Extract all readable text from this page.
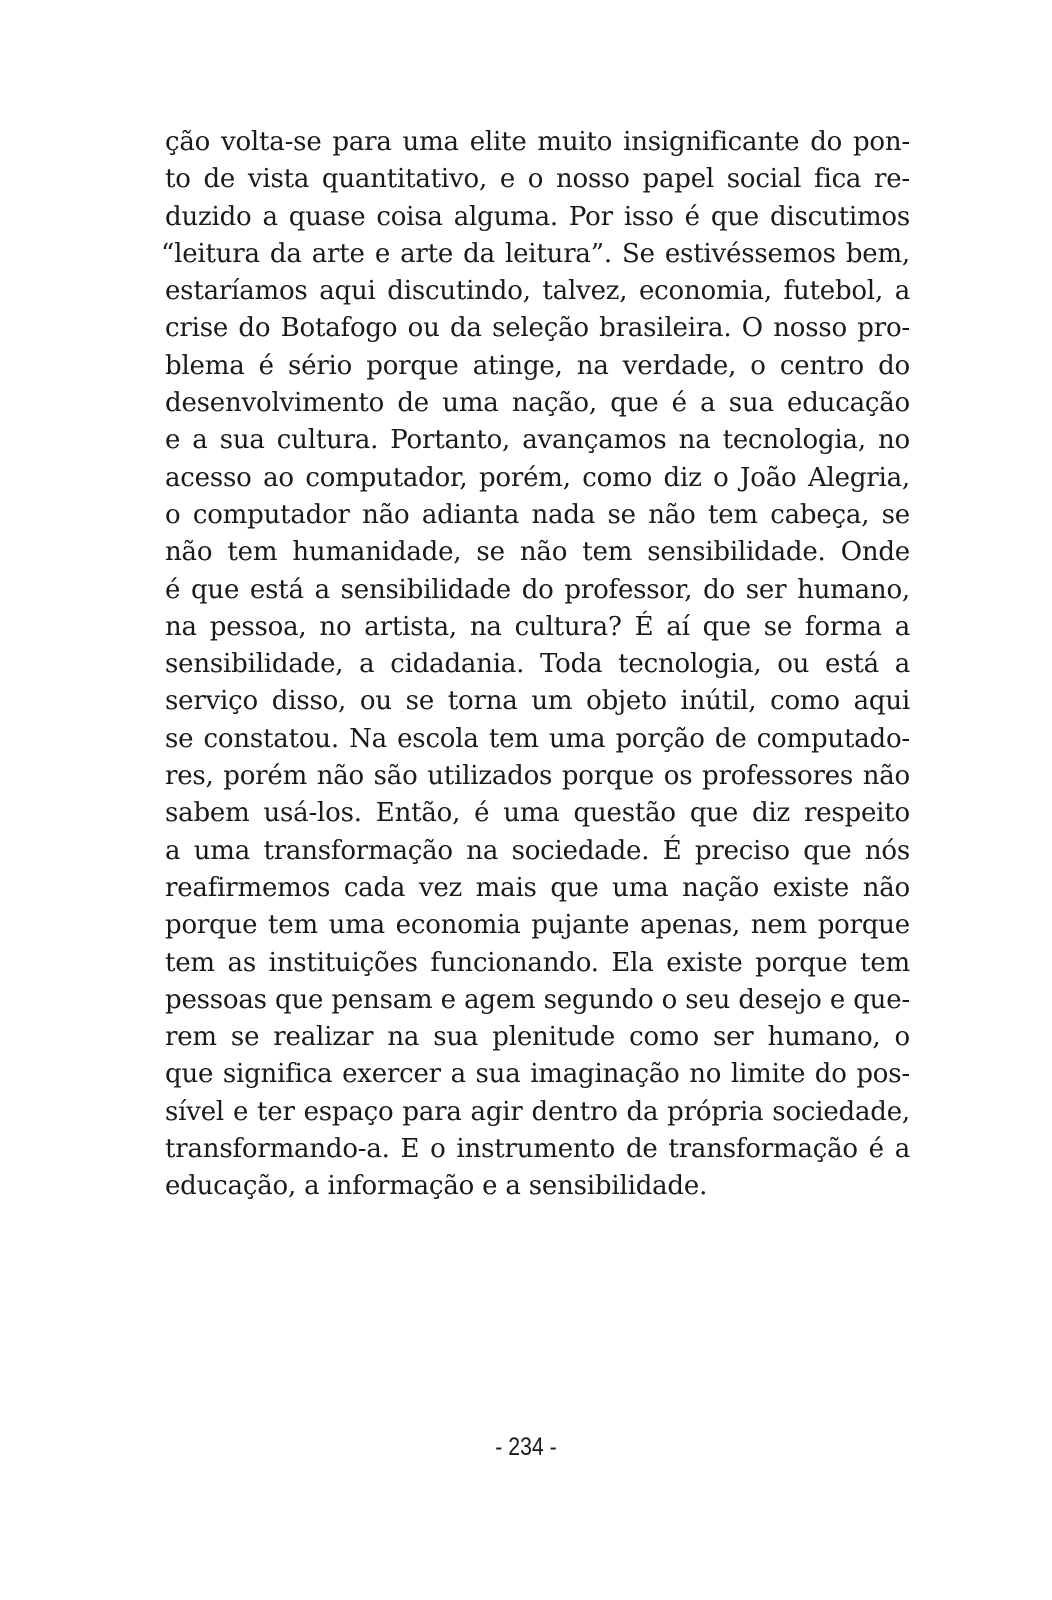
ção volta-se para uma elite muito insignificante do pon-
to de vista quantitativo, e o nosso papel social fica re-
duzido a quase coisa alguma. Por isso é que discutimos
“leitura da arte e arte da leitura”. Se estivéssemos bem,
estaríamos aqui discutindo, talvez, economia, futebol, a
crise do Botafogo ou da seleção brasileira. O nosso pro-
blema é sério porque atinge, na verdade, o centro do
desenvolvimento de uma nação, que é a sua educação
e a sua cultura. Portanto, avançamos na tecnologia, no
acesso ao computador, porém, como diz o João Alegria,
o computador não adianta nada se não tem cabeça, se
não tem humanidade, se não tem sensibilidade. Onde
é que está a sensibilidade do professor, do ser humano,
na pessoa, no artista, na cultura? É aí que se forma a
sensibilidade, a cidadania. Toda tecnologia, ou está a
serviço disso, ou se torna um objeto inútil, como aqui
se constatou. Na escola tem uma porção de computado-
res, porém não são utilizados porque os professores não
sabem usá-los. Então, é uma questão que diz respeito
a uma transformação na sociedade. É preciso que nós
reafirmemos cada vez mais que uma nação existe não
porque tem uma economia pujante apenas, nem porque
tem as instituições funcionando. Ela existe porque tem
pessoas que pensam e agem segundo o seu desejo e que-
rem se realizar na sua plenitude como ser humano, o
que significa exercer a sua imaginação no limite do pos-
sível e ter espaço para agir dentro da própria sociedade,
transformando-a. E o instrumento de transformação é a
educação, a informação e a sensibilidade.
- 234 -
